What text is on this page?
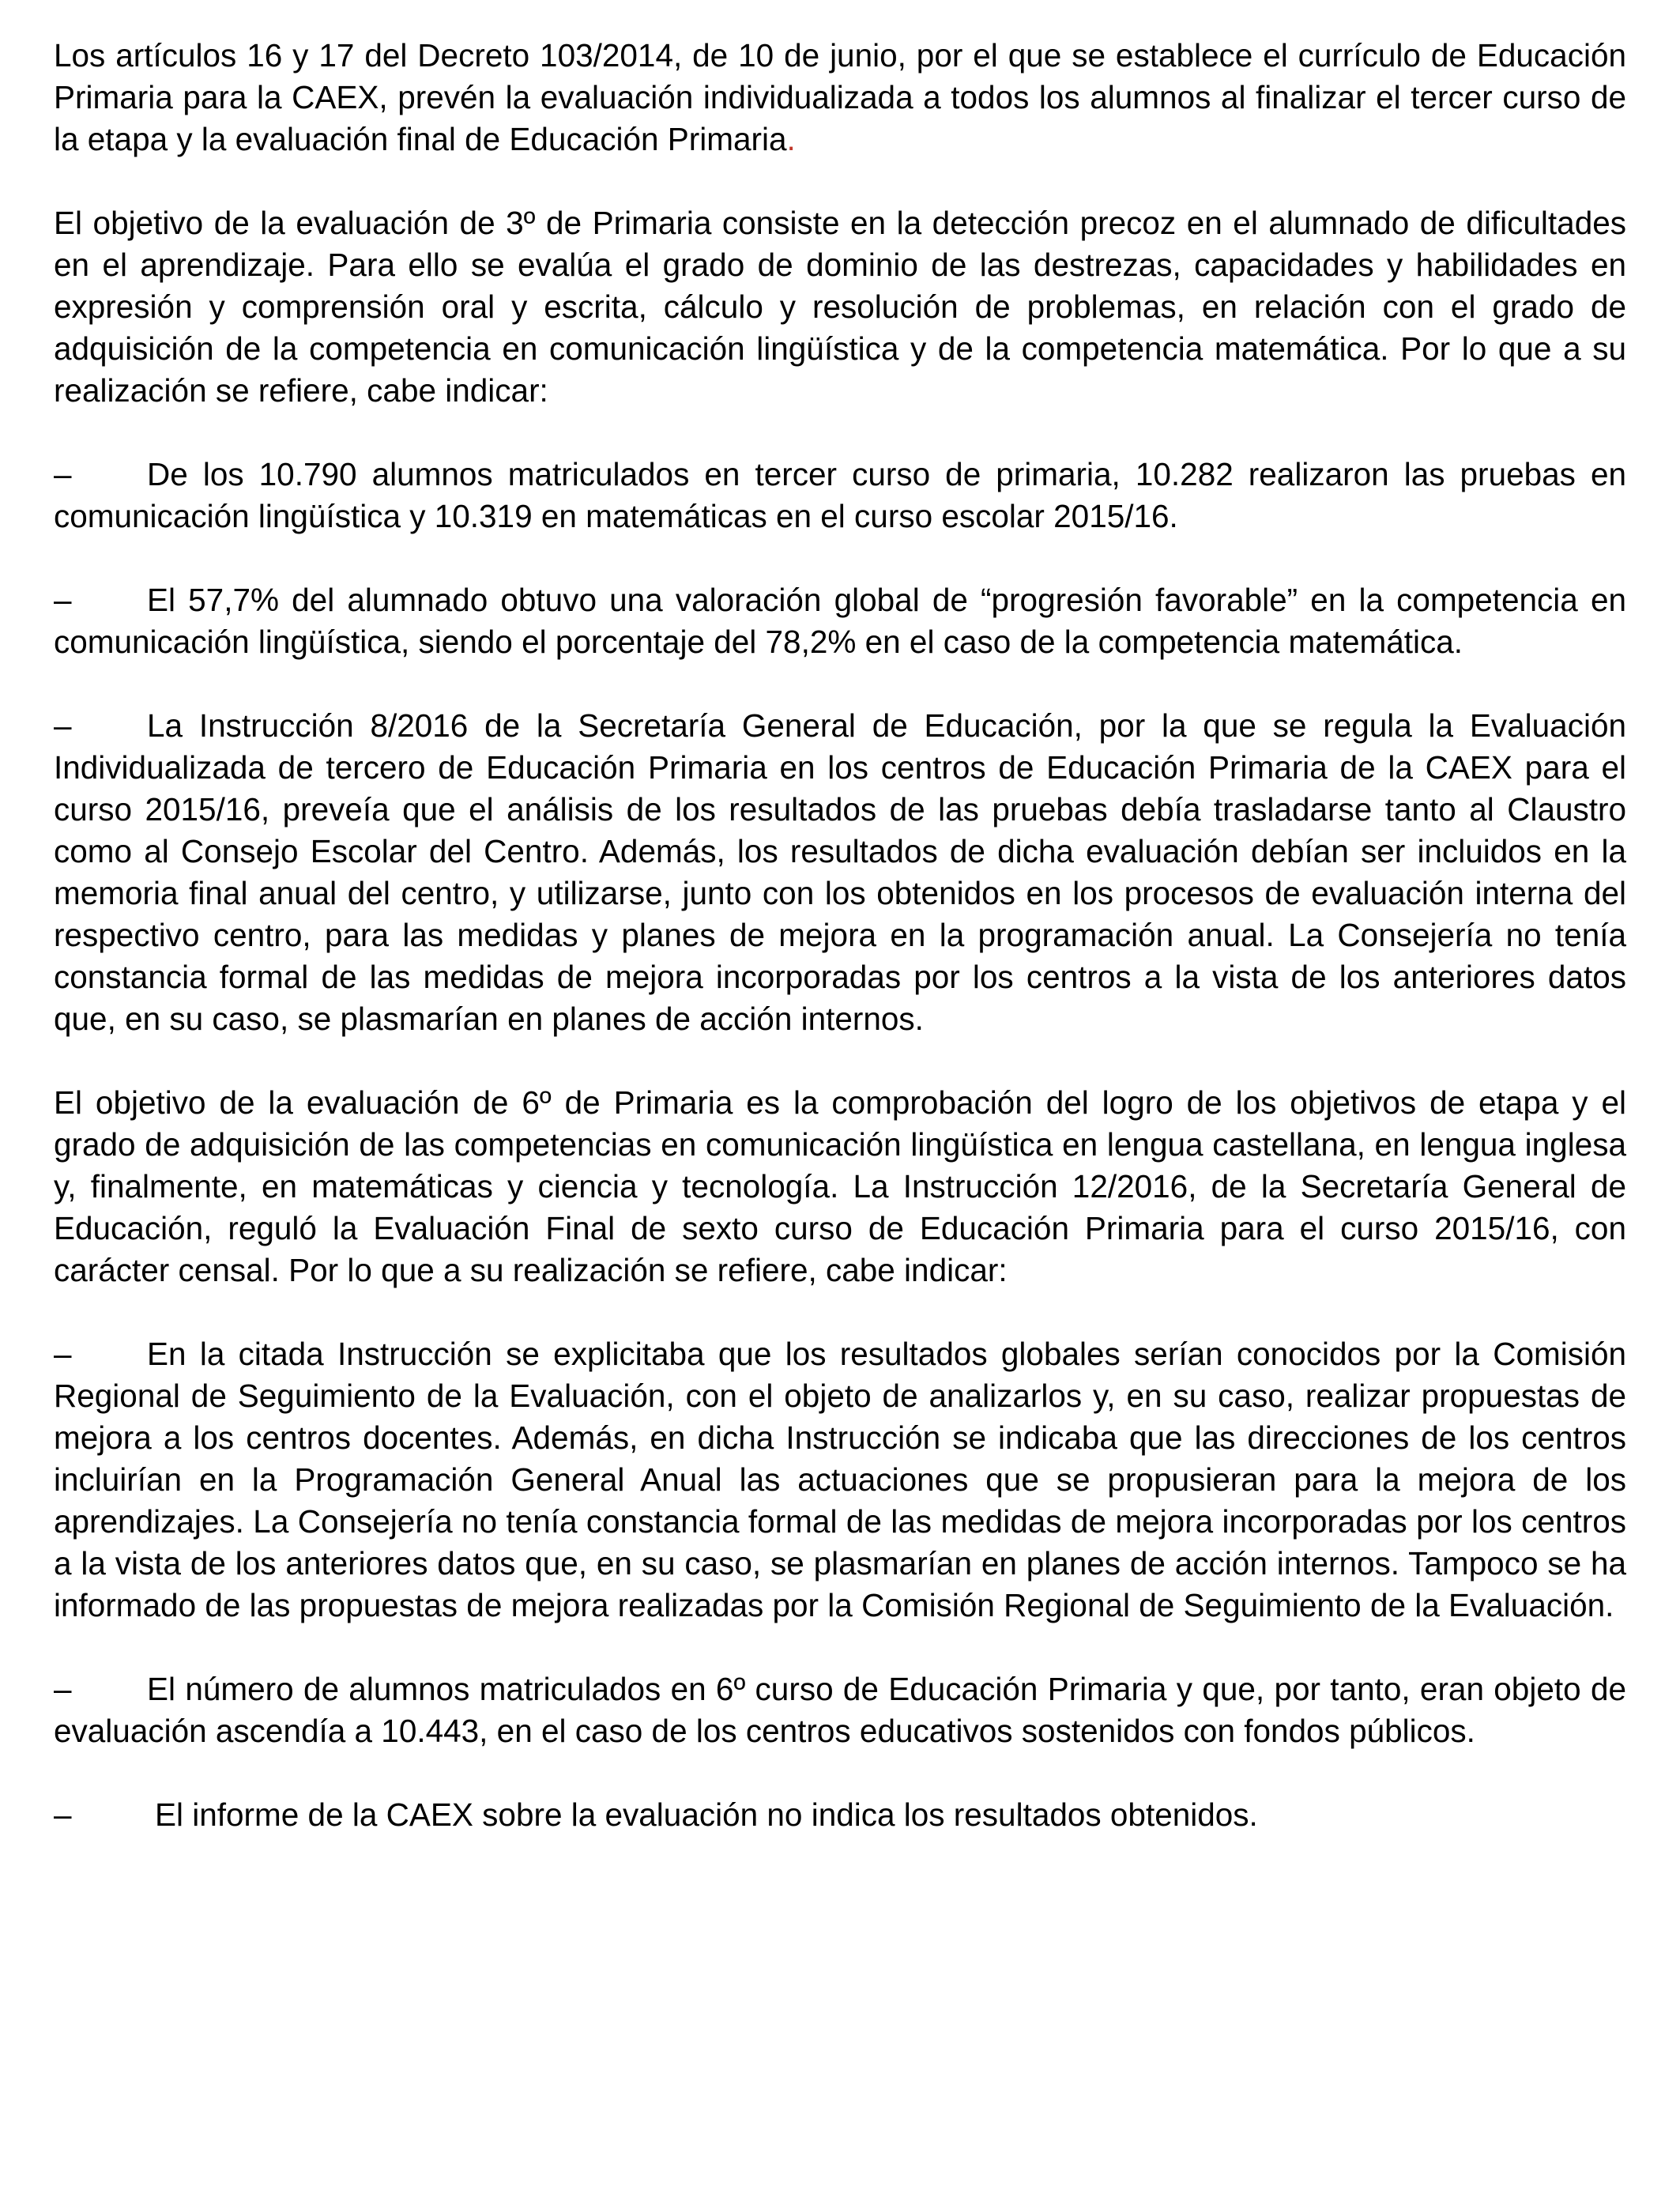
Los artículos 16 y 17 del Decreto 103/2014, de 10 de junio, por el que se establece el currículo de Educación Primaria para la CAEX, prevén la evaluación individualizada a todos los alumnos al finalizar el tercer curso de la etapa y la evaluación final de Educación Primaria.

El objetivo de la evaluación de 3º de Primaria consiste en la detección precoz en el alumnado de dificultades en el aprendizaje. Para ello se evalúa el grado de dominio de las destrezas, capacidades y habilidades en expresión y comprensión oral y escrita, cálculo y resolución de problemas, en relación con el grado de adquisición de la competencia en comunicación lingüística y de la competencia matemática. Por lo que a su realización se refiere, cabe indicar:

– De los 10.790 alumnos matriculados en tercer curso de primaria, 10.282 realizaron las pruebas en comunicación lingüística y 10.319 en matemáticas en el curso escolar 2015/16.

– El 57,7% del alumnado obtuvo una valoración global de “progresión favorable” en la competencia en comunicación lingüística, siendo el porcentaje del 78,2% en el caso de la competencia matemática.

– La Instrucción 8/2016 de la Secretaría General de Educación, por la que se regula la Evaluación Individualizada de tercero de Educación Primaria en los centros de Educación Primaria de la CAEX para el curso 2015/16, preveía que el análisis de los resultados de las pruebas debía trasladarse tanto al Claustro como al Consejo Escolar del Centro. Además, los resultados de dicha evaluación debían ser incluidos en la memoria final anual del centro, y utilizarse, junto con los obtenidos en los procesos de evaluación interna del respectivo centro, para las medidas y planes de mejora en la programación anual. La Consejería no tenía constancia formal de las medidas de mejora incorporadas por los centros a la vista de los anteriores datos que, en su caso, se plasmarían en planes de acción internos.

El objetivo de la evaluación de 6º de Primaria es la comprobación del logro de los objetivos de etapa y el grado de adquisición de las competencias en comunicación lingüística en lengua castellana, en lengua inglesa y, finalmente, en matemáticas y ciencia y tecnología. La Instrucción 12/2016, de la Secretaría General de Educación, reguló la Evaluación Final de sexto curso de Educación Primaria para el curso 2015/16, con carácter censal. Por lo que a su realización se refiere, cabe indicar:

– En la citada Instrucción se explicitaba que los resultados globales serían conocidos por la Comisión Regional de Seguimiento de la Evaluación, con el objeto de analizarlos y, en su caso, realizar propuestas de mejora a los centros docentes. Además, en dicha Instrucción se indicaba que las direcciones de los centros incluirían en la Programación General Anual las actuaciones que se propusieran para la mejora de los aprendizajes. La Consejería no tenía constancia formal de las medidas de mejora incorporadas por los centros a la vista de los anteriores datos que, en su caso, se plasmarían en planes de acción internos. Tampoco se ha informado de las propuestas de mejora realizadas por la Comisión Regional de Seguimiento de la Evaluación.

– El número de alumnos matriculados en 6º curso de Educación Primaria y que, por tanto, eran objeto de evaluación ascendía a 10.443, en el caso de los centros educativos sostenidos con fondos públicos.

–	El informe de la CAEX sobre la evaluación no indica los resultados obtenidos.
